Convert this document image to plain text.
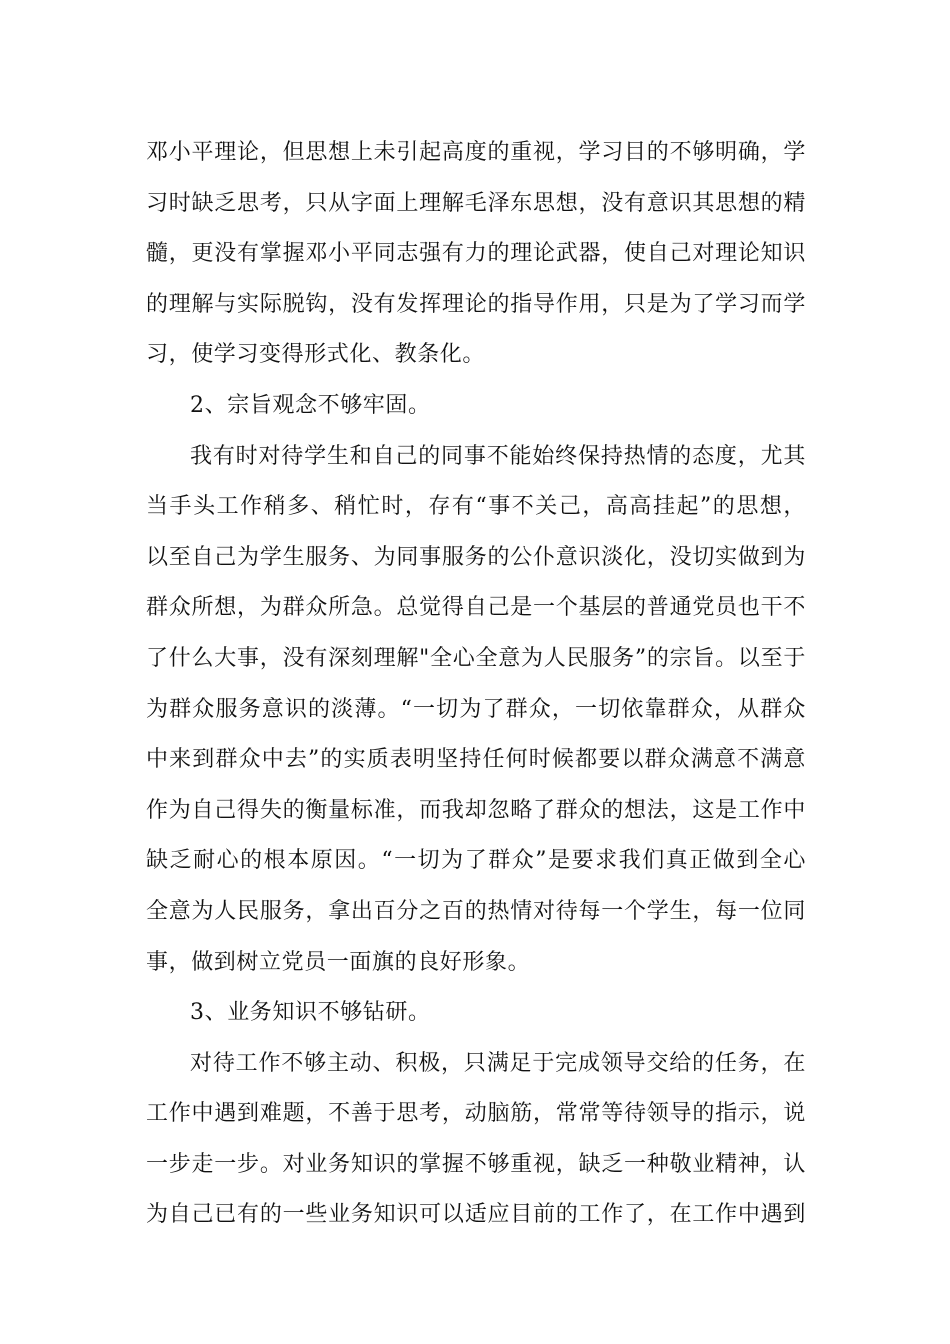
邓小平理论，但思想上未引起高度的重视，学习目的不够明确，学
习时缺乏思考，只从字面上理解毛泽东思想，没有意识其思想的精
髓，更没有掌握邓小平同志强有力的理论武器，使自己对理论知识
的理解与实际脱钩，没有发挥理论的指导作用，只是为了学习而学
习，使学习变得形式化、教条化。
2、宗旨观念不够牢固。
我有时对待学生和自己的同事不能始终保持热情的态度，尤其
当手头工作稍多、稍忙时，存有“事不关己，高高挂起”的思想，
以至自己为学生服务、为同事服务的公仆意识淡化，没切实做到为
群众所想，为群众所急。总觉得自己是一个基层的普通党员也干不
了什么大事，没有深刻理解"全心全意为人民服务”的宗旨。以至于
为群众服务意识的淡薄。“一切为了群众，一切依靠群众，从群众
中来到群众中去”的实质表明坚持任何时候都要以群众满意不满意
作为自己得失的衡量标准，而我却忽略了群众的想法，这是工作中
缺乏耐心的根本原因。“一切为了群众”是要求我们真正做到全心
全意为人民服务，拿出百分之百的热情对待每一个学生，每一位同
事，做到树立党员一面旗的良好形象。
3、业务知识不够钻研。
对待工作不够主动、积极，只满足于完成领导交给的任务，在
工作中遇到难题，不善于思考，动脑筋，常常等待领导的指示，说
一步走一步。对业务知识的掌握不够重视，缺乏一种敬业精神，认
为自己已有的一些业务知识可以适应目前的工作了，在工作中遇到
